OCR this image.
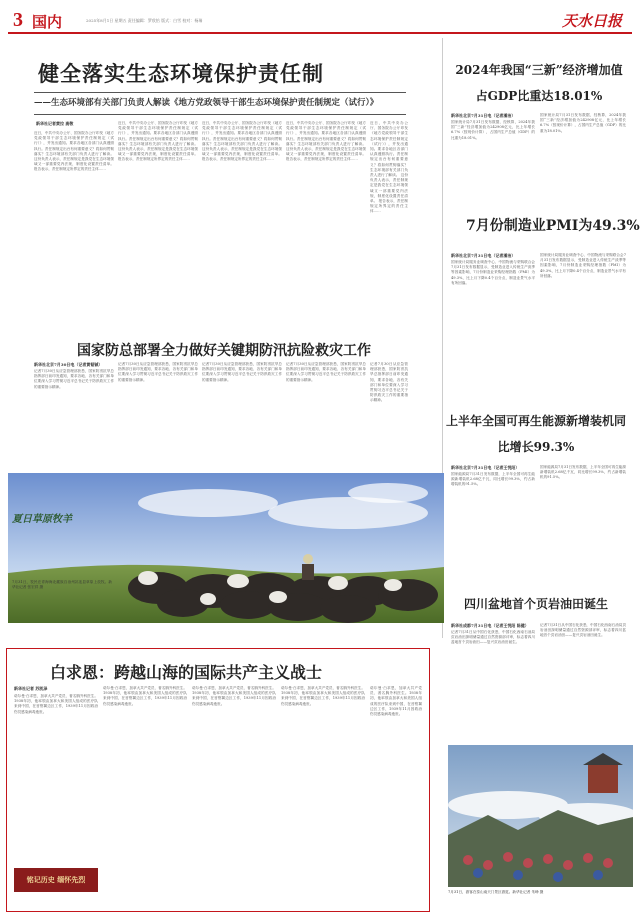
3 国内	2025年8月1日 星期五 责任编辑：罗欣怡 版式：白雪 校对：杨瑞	天水日报
健全落实生态环境保护责任制
——生态环境部有关部门负责人解读《地方党政领导干部生态环境保护责任制规定（试行）》
新华社记者黄拉 高敬
近日，中共中央办公厅、国务院办公厅印发《地方党政领导干部生态环境保护责任制规定（试行）》，并发出通知。要求各地区各部门认真遵照执行。责任制规定出台有何重要意义？将如何贯彻落实？生态环境部有关部门负责人进行了解读。 这份负责人表示，责任制规定是我党在生态环境领域又一部重要党内法规，制度化设置责任清单。 报告表示，责任制规定所界定的责任主体……
近日，中共中央办公厅、国务院办公厅印发《地方党政领导干部生态环境保护责任制规定（试行）》，并发出通知。要求各地区各部门认真遵照执行。责任制规定出台有何重要意义？将如何贯彻落实？生态环境部有关部门负责人进行了解读。 这份负责人表示，责任制规定是我党在生态环境领域又一部重要党内法规，制度化设置责任清单。 报告表示，责任制规定所界定的责任主体……
近日，中共中央办公厅、国务院办公厅印发《地方党政领导干部生态环境保护责任制规定（试行）》，并发出通知。要求各地区各部门认真遵照执行。责任制规定出台有何重要意义？将如何贯彻落实？生态环境部有关部门负责人进行了解读。 这份负责人表示，责任制规定是我党在生态环境领域又一部重要党内法规，制度化设置责任清单。 报告表示，责任制规定所界定的责任主体……
近日，中共中央办公厅、国务院办公厅印发《地方党政领导干部生态环境保护责任制规定（试行）》，并发出通知。要求各地区各部门认真遵照执行。责任制规定出台有何重要意义？将如何贯彻落实？生态环境部有关部门负责人进行了解读。 这份负责人表示，责任制规定是我党在生态环境领域又一部重要党内法规，制度化设置责任清单。 报告表示，责任制规定所界定的责任主体……
近日，中共中央办公厅、国务院办公厅印发《地方党政领导干部生态环境保护责任制规定（试行）》，并发出通知。要求各地区各部门认真遵照执行。责任制规定出台有何重要意义？将如何贯彻落实？生态环境部有关部门负责人进行了解读。 这份负责人表示，责任制规定是我党在生态环境领域又一部重要党内法规，制度化设置责任清单。 报告表示，责任制规定所界定的责任主体……
2024年我国“三新”经济增加值占GDP比重达18.01%
新华社北京7月31日电（记者潘洁）
国家统计局7月31日发布数据，经核算，2024年我国“三新”经济增加值为242908亿元，比上年增长6.7%（按现价计算），占国内生产总值（GDP）的比重为18.01%。
国家统计局7月31日发布数据，经核算，2024年我国“三新”经济增加值为242908亿元，比上年增长6.7%（按现价计算），占国内生产总值（GDP）的比重为18.01%。
7月份制造业PMI为49.3%
新华社北京7月31日电（记者潘洁）
国家统计局服务业调查中心、中国物流与采购联合会7月31日发布数据显示，受制造业进入传统生产淡季等因素影响，7月份制造业采购经理指数（PMI）为49.3%，比上月下降0.4个百分点，制造业景气水平有所回落。
国家统计局服务业调查中心、中国物流与采购联合会7月31日发布数据显示，受制造业进入传统生产淡季等因素影响，7月份制造业采购经理指数（PMI）为49.3%，比上月下降0.4个百分点，制造业景气水平有所回落。
国家防总部署全力做好关键期防汛抗险救灾工作
新华社北京7月30日电（记者黄韬铖）
记者7月30日从应急管理部获悉，国家防汛抗旱总指挥部日前印发通知，要求各地、各有关部门和单位要深入学习贯彻习近平总书记关于防汛救灾工作的重要指示精神。
记者7月30日从应急管理部获悉，国家防汛抗旱总指挥部日前印发通知，要求各地、各有关部门和单位要深入学习贯彻习近平总书记关于防汛救灾工作的重要指示精神。
记者7月30日从应急管理部获悉，国家防汛抗旱总指挥部日前印发通知，要求各地、各有关部门和单位要深入学习贯彻习近平总书记关于防汛救灾工作的重要指示精神。
记者7月30日从应急管理部获悉，国家防汛抗旱总指挥部日前印发通知，要求各地、各有关部门和单位要深入学习贯彻习近平总书记关于防汛救灾工作的重要指示精神。
记者7月30日从应急管理部获悉，国家防汛抗旱总指挥部日前印发通知，要求各地、各有关部门和单位要深入学习贯彻习近平总书记关于防汛救灾工作的重要指示精神。
夏日草原牧羊
7月31日，牧民在青海海北藏族自治州祁连县草原上放牧。新华社记者 张宏祥 摄
上半年全国可再生能源新增装机同比增长99.3%
新华社北京7月31日电（记者王悦阳）
国家能源局7月31日发布数据，上半年全国可再生能源新增装机2.68亿千瓦，同比增长99.3%，约占新增装机的91.5%。
国家能源局7月31日发布数据，上半年全国可再生能源新增装机2.68亿千瓦，同比增长99.3%，约占新增装机的91.5%。
四川盆地首个页岩油田诞生
新华社成都7月31日电（记者王悦阳 陈健）
记者7月31日从中国石化获悉，中国石化西南石油局页岩油田探明储量通过自然资源部评审，标志着四川盆地首个页岩油田——复兴页岩油田诞生。
记者7月31日从中国石化获悉，中国石化西南石油局页岩油田探明储量通过自然资源部评审，标志着四川盆地首个页岩油田——复兴页岩油田诞生。
白求恩：跨越山海的国际共产主义战士
新华社记者 苏凯泽
诺尔曼·白求恩，加拿大共产党员、著名胸外科医生。1938年初，他率领由加拿大和美国人组成的医疗队来到中国，在晋察冀边区工作，1939年11月因救治伤员感染病毒逝世。
诺尔曼·白求恩，加拿大共产党员、著名胸外科医生。1938年初，他率领由加拿大和美国人组成的医疗队来到中国，在晋察冀边区工作，1939年11月因救治伤员感染病毒逝世。
诺尔曼·白求恩，加拿大共产党员、著名胸外科医生。1938年初，他率领由加拿大和美国人组成的医疗队来到中国，在晋察冀边区工作，1939年11月因救治伤员感染病毒逝世。
诺尔曼·白求恩，加拿大共产党员、著名胸外科医生。1938年初，他率领由加拿大和美国人组成的医疗队来到中国，在晋察冀边区工作，1939年11月因救治伤员感染病毒逝世。
诺尔曼·白求恩，加拿大共产党员、著名胸外科医生。1938年初，他率领由加拿大和美国人组成的医疗队来到中国，在晋察冀边区工作，1939年11月因救治伤员感染病毒逝世。
铭记历史 缅怀先烈
7月31日，游客在泰山南天门景区游览。新华社记者 朱峥 摄
